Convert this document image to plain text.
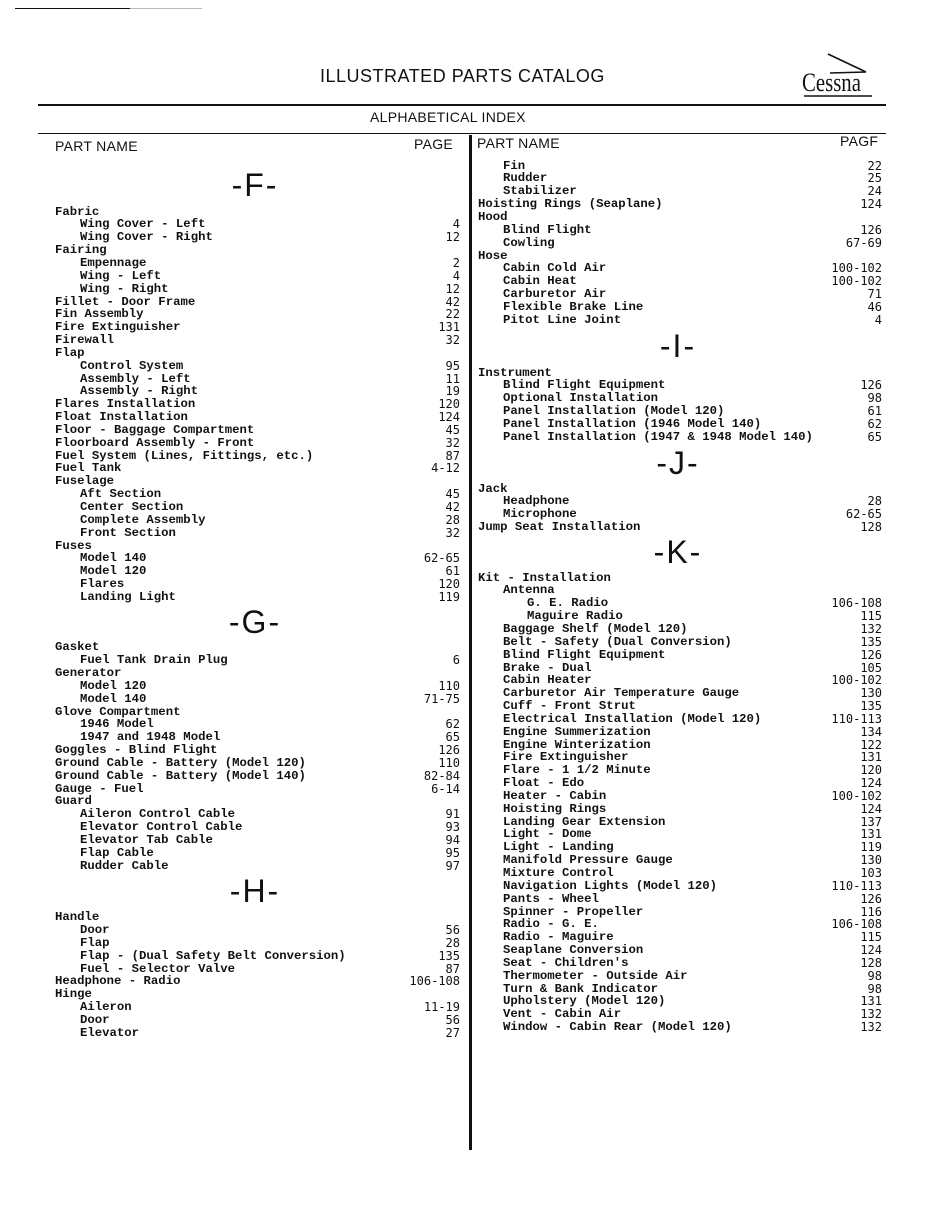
ILLUSTRATED PARTS CATALOG	Cessna
ALPHABETICAL INDEX
PART NAME	PAGE PART NAME	PAGF
-F-
Fabric
Wing Cover - Left	4
Wing Cover - Right	12
Fairing
Empennage	2
Wing - Left	4
Wing - Right	12
Fillet - Door Frame	42
Fin Assembly	22
Fire Extinguisher	131
Firewall	32
Flap
Control System	95
Assembly - Left	11
Assembly - Right	19
Flares Installation	120
Float Installation	124
Floor - Baggage Compartment	45
Floorboard Assembly - Front	32
Fuel System (Lines, Fittings, etc.)	87
Fuel Tank	4-12
Fuselage
Aft Section	45
Center Section	42
Complete Assembly	28
Front Section	32
Fuses
Model 140	62-65
Model 120	61
Flares	120
Landing Light	119
-G-
Gasket
Fuel Tank Drain Plug	6
Generator
Model 120	110
Model 140	71-75
Glove Compartment
1946 Model	62
1947 and 1948 Model	65
Goggles - Blind Flight	126
Ground Cable - Battery (Model 120)	110
Ground Cable - Battery (Model 140)	82-84
Gauge - Fuel	6-14
Guard
Aileron Control Cable	91
Elevator Control Cable	93
Elevator Tab Cable	94
Flap Cable	95
Rudder Cable	97
-H-
Handle
Door	56
Flap	28
Flap - (Dual Safety Belt Conversion)	135
Fuel - Selector Valve	87
Headphone - Radio	106-108
Hinge
Aileron	11-19
Door	56
Elevator	27
Fin	22
Rudder	25
Stabilizer	24
Hoisting Rings (Seaplane)	124
Hood
Blind Flight	126
Cowling	67-69
Hose
Cabin Cold Air	100-102
Cabin Heat	100-102
Carburetor Air	71
Flexible Brake Line	46
Pitot Line Joint	4
-I-
Instrument
Blind Flight Equipment	126
Optional Installation	98
Panel Installation (Model 120)	61
Panel Installation (1946 Model 140)	62
Panel Installation (1947 & 1948 Model 140)	65
-J-
Jack
Headphone	28
Microphone	62-65
Jump Seat Installation	128
-K-
Kit - Installation
Antenna
G. E. Radio	106-108
Maguire Radio	115
Baggage Shelf (Model 120)	132
Belt - Safety (Dual Conversion)	135
Blind Flight Equipment	126
Brake - Dual	105
Cabin Heater	100-102
Carburetor Air Temperature Gauge	130
Cuff - Front Strut	135
Electrical Installation (Model 120)	110-113
Engine Summerization	134
Engine Winterization	122
Fire Extinguisher	131
Flare - 1 1/2 Minute	120
Float - Edo	124
Heater - Cabin	100-102
Hoisting Rings	124
Landing Gear Extension	137
Light - Dome	131
Light - Landing	119
Manifold Pressure Gauge	130
Mixture Control	103
Navigation Lights (Model 120)	110-113
Pants - Wheel	126
Spinner - Propeller	116
Radio - G. E.	106-108
Radio - Maguire	115
Seaplane Conversion	124
Seat - Children's	128
Thermometer - Outside Air	98
Turn & Bank Indicator	98
Upholstery (Model 120)	131
Vent - Cabin Air	132
Window - Cabin Rear (Model 120)	132
